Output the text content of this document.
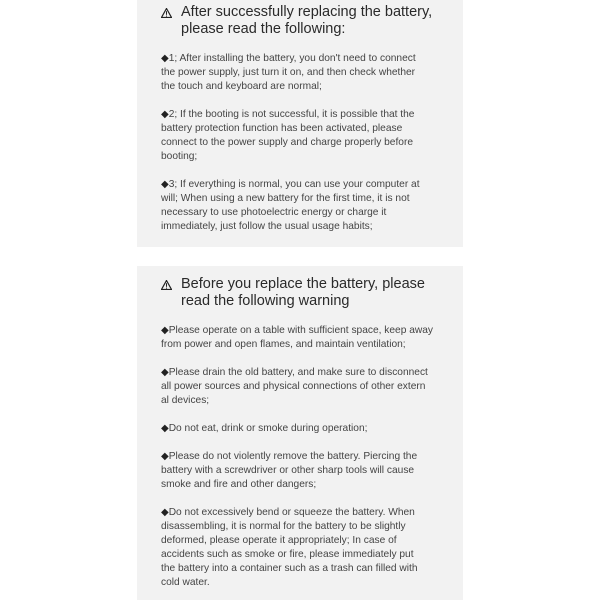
After successfully replacing the battery,
please read the following:

◆1; After installing the battery, you don't need to connect
the power supply, just turn it on, and then check whether
the touch and keyboard are normal;

◆2; If the booting is not successful, it is possible that the
battery protection function has been activated, please
connect to the power supply and charge properly before
booting;

◆3; If everything is normal, you can use your computer at
will; When using a new battery for the first time, it is not
necessary to use photoelectric energy or charge it
immediately, just follow the usual usage habits;

Before you replace the battery, please
read the following warning

◆Please operate on a table with sufficient space, keep away
from power and open flames, and maintain ventilation;

◆Please drain the old battery, and make sure to disconnect
all power sources and physical connections of other extern
al devices;

◆Do not eat, drink or smoke during operation;

◆Please do not violently remove the battery. Piercing the
battery with a screwdriver or other sharp tools will cause
smoke and fire and other dangers;

◆Do not excessively bend or squeeze the battery. When
disassembling, it is normal for the battery to be slightly
deformed, please operate it appropriately; In case of
accidents such as smoke or fire, please immediately put
the battery into a container such as a trash can filled with
cold water.
